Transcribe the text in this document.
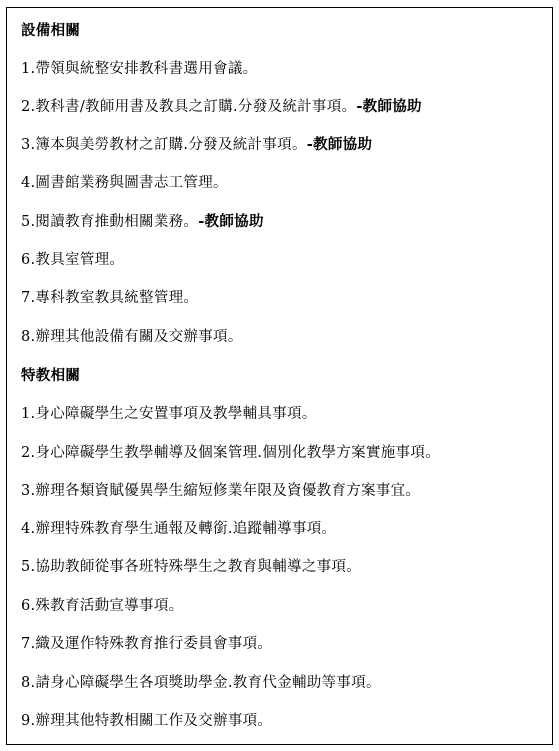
設備相關
1.帶領與統整安排教科書選用會議。
2.教科書/教師用書及教具之訂購.分發及統計事項。-教師協助
3.簿本與美勞教材之訂購.分發及統計事項。-教師協助
4.圖書館業務與圖書志工管理。
5.閱讀教育推動相關業務。-教師協助
6.教具室管理。
7.專科教室教具統整管理。
8.辦理其他設備有關及交辦事項。
特教相關
1.身心障礙學生之安置事項及教學輔具事項。
2.身心障礙學生教學輔導及個案管理.個別化教學方案實施事項。
3.辦理各類資賦優異學生縮短修業年限及資優教育方案事宜。
4.辦理特殊教育學生通報及轉銜.追蹤輔導事項。
5.協助教師從事各班特殊學生之教育與輔導之事項。
6.殊教育活動宣導事項。
7.織及運作特殊教育推行委員會事項。
8.請身心障礙學生各項獎助學金.教育代金輔助等事項。
9.辦理其他特教相關工作及交辦事項。
